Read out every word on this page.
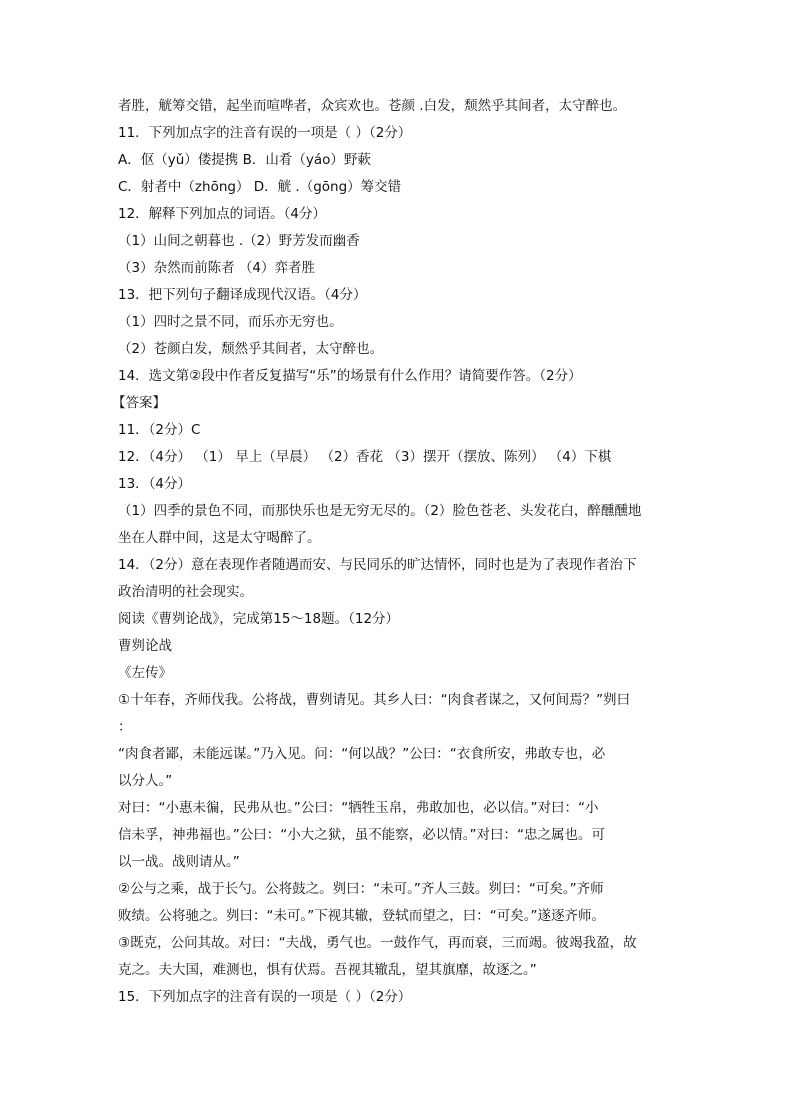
者胜，觥筹交错，起坐而喧哗者，众宾欢也。苍颜 .白发，颓然乎其间者，太守醉也。
11．下列加点字的注音有误的一项是（ ）（2分）
A．伛（yǔ）偻提携 B．山肴（yáo）野蔌
C．射者中（zhōng） D．觥 .（gōng）筹交错
12．解释下列加点的词语。（4分）
（1）山间之朝暮也 .（2）野芳发而幽香
（3）杂然而前陈者 （4）弈者胜
13．把下列句子翻译成现代汉语。（4分）
（1）四时之景不同，而乐亦无穷也。
（2）苍颜白发，颓然乎其间者，太守醉也。
14．选文第②段中作者反复描写“乐”的场景有什么作用？请简要作答。（2分）
【答案】
11．（2分）C
12．（4分） （1） 早上（早晨） （2）香花 （3）摆开（摆放、陈列） （4）下棋
13．（4分）
（1）四季的景色不同，而那快乐也是无穷无尽的。（2）脸色苍老、头发花白，醉醺醺地
坐在人群中间，这是太守喝醉了。
14．（2分）意在表现作者随遇而安、与民同乐的旷达情怀，同时也是为了表现作者治下
政治清明的社会现实。
阅读《曹刿论战》，完成第15～18题。（12分）
曹刿论战
《左传》
①十年春，齐师伐我。公将战，曹刿请见。其乡人曰：“肉食者谋之，又何间焉？”刿曰
：
“肉食者鄙，未能远谋。”乃入见。问：“何以战？”公曰：“衣食所安，弗敢专也，必
以分人。”
对曰：“小惠未徧，民弗从也。”公曰：“牺牲玉帛，弗敢加也，必以信。”对曰：“小
信未孚，神弗福也。”公曰：“小大之狱，虽不能察，必以情。”对曰：“忠之属也。可
以一战。战则请从。”
②公与之乘，战于长勺。公将鼓之。刿曰：“未可。”齐人三鼓。刿曰：“可矣。”齐师
败绩。公将驰之。刿曰：“未可。”下视其辙，登轼而望之，曰：“可矣。”遂逐齐师。
③既克，公问其故。对曰：“夫战，勇气也。一鼓作气，再而衰，三而竭。彼竭我盈，故
克之。夫大国，难测也，惧有伏焉。吾视其辙乱，望其旗靡，故逐之。”
15．下列加点字的注音有误的一项是（ ）（2分）
